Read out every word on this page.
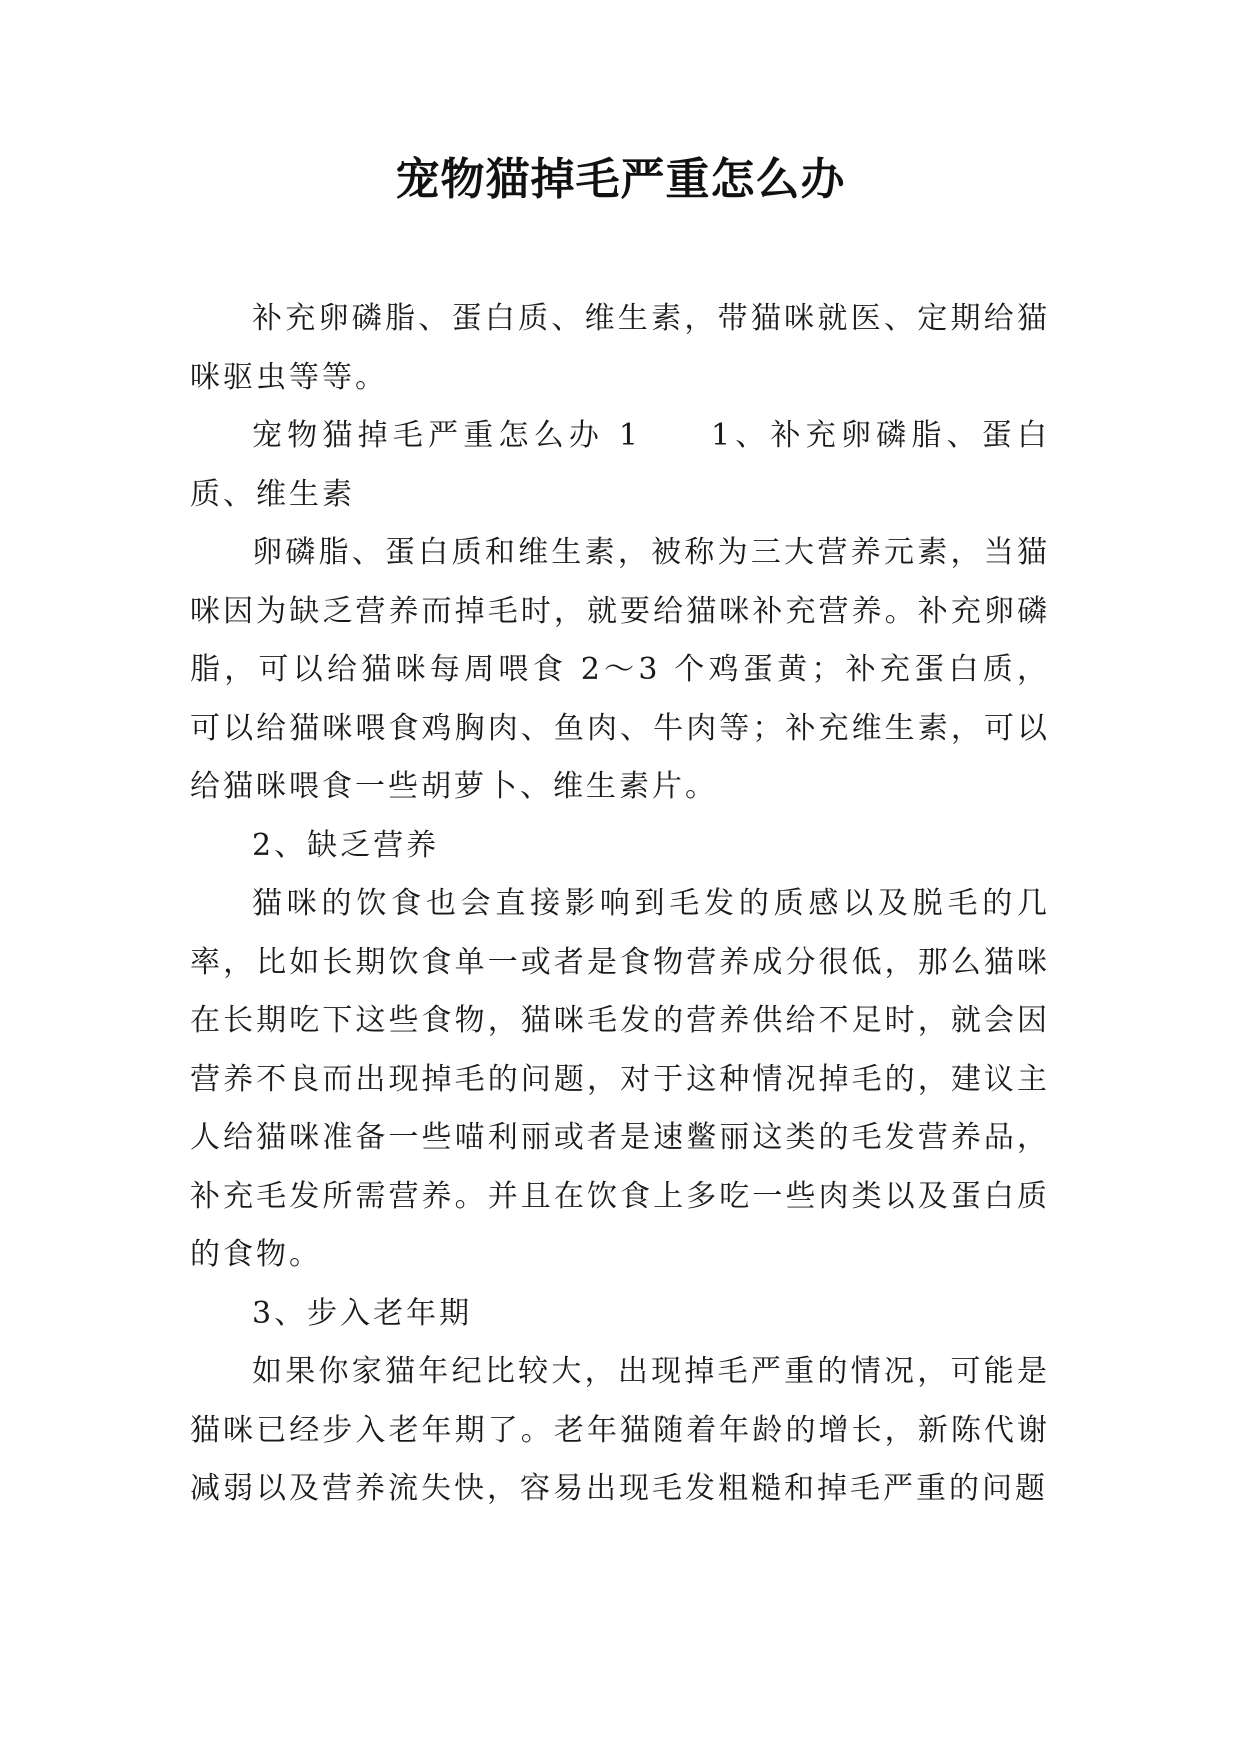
宠物猫掉毛严重怎么办

补充卵磷脂、蛋白质、维生素，带猫咪就医、定期给猫咪驱虫等等。

宠物猫掉毛严重怎么办 1 1、补充卵磷脂、蛋白质、维生素

卵磷脂、蛋白质和维生素，被称为三大营养元素，当猫咪因为缺乏营养而掉毛时，就要给猫咪补充营养。补充卵磷脂，可以给猫咪每周喂食 2～3 个鸡蛋黄；补充蛋白质，可以给猫咪喂食鸡胸肉、鱼肉、牛肉等；补充维生素，可以给猫咪喂食一些胡萝卜、维生素片。

2、缺乏营养

猫咪的饮食也会直接影响到毛发的质感以及脱毛的几率，比如长期饮食单一或者是食物营养成分很低，那么猫咪在长期吃下这些食物，猫咪毛发的营养供给不足时，就会因营养不良而出现掉毛的问题，对于这种情况掉毛的，建议主人给猫咪准备一些喵利丽或者是速鳖丽这类的毛发营养品，补充毛发所需营养。并且在饮食上多吃一些肉类以及蛋白质的食物。

3、步入老年期

如果你家猫年纪比较大，出现掉毛严重的情况，可能是猫咪已经步入老年期了。老年猫随着年龄的增长，新陈代谢减弱以及营养流失快，容易出现毛发粗糙和掉毛严重的问题
